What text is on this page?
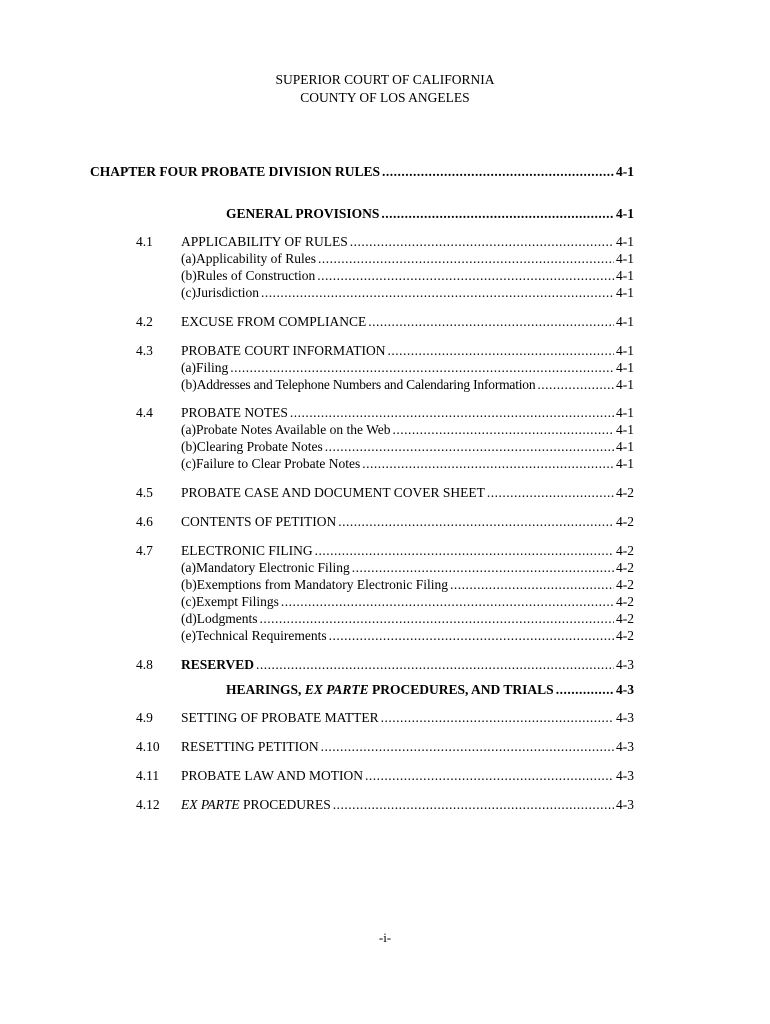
SUPERIOR COURT OF CALIFORNIA
COUNTY OF LOS ANGELES
CHAPTER FOUR PROBATE DIVISION RULES .....	4-1
GENERAL PROVISIONS .....	4-1
4.1 APPLICABILITY OF RULES .....	4-1
(a) Applicability of Rules .....	4-1
(b) Rules of Construction .....	4-1
(c) Jurisdiction .....	4-1
4.2 EXCUSE FROM COMPLIANCE .....	4-1
4.3 PROBATE COURT INFORMATION .....	4-1
(a) Filing .....	4-1
(b) Addresses and Telephone Numbers and Calendaring Information .....	4-1
4.4 PROBATE NOTES .....	4-1
(a) Probate Notes Available on the Web .....	4-1
(b) Clearing Probate Notes .....	4-1
(c) Failure to Clear Probate Notes .....	4-1
4.5 PROBATE CASE AND DOCUMENT COVER SHEET .....	4-2
4.6 CONTENTS OF PETITION .....	4-2
4.7 ELECTRONIC FILING .....	4-2
(a) Mandatory Electronic Filing .....	4-2
(b) Exemptions from Mandatory Electronic Filing .....	4-2
(c) Exempt Filings .....	4-2
(d) Lodgments .....	4-2
(e) Technical Requirements .....	4-2
4.8 RESERVED .....	4-3
HEARINGS, EX PARTE PROCEDURES, AND TRIALS .....	4-3
4.9 SETTING OF PROBATE MATTER .....	4-3
4.10 RESETTING PETITION .....	4-3
4.11 PROBATE LAW AND MOTION .....	4-3
4.12 EX PARTE PROCEDURES .....	4-3
-i-
